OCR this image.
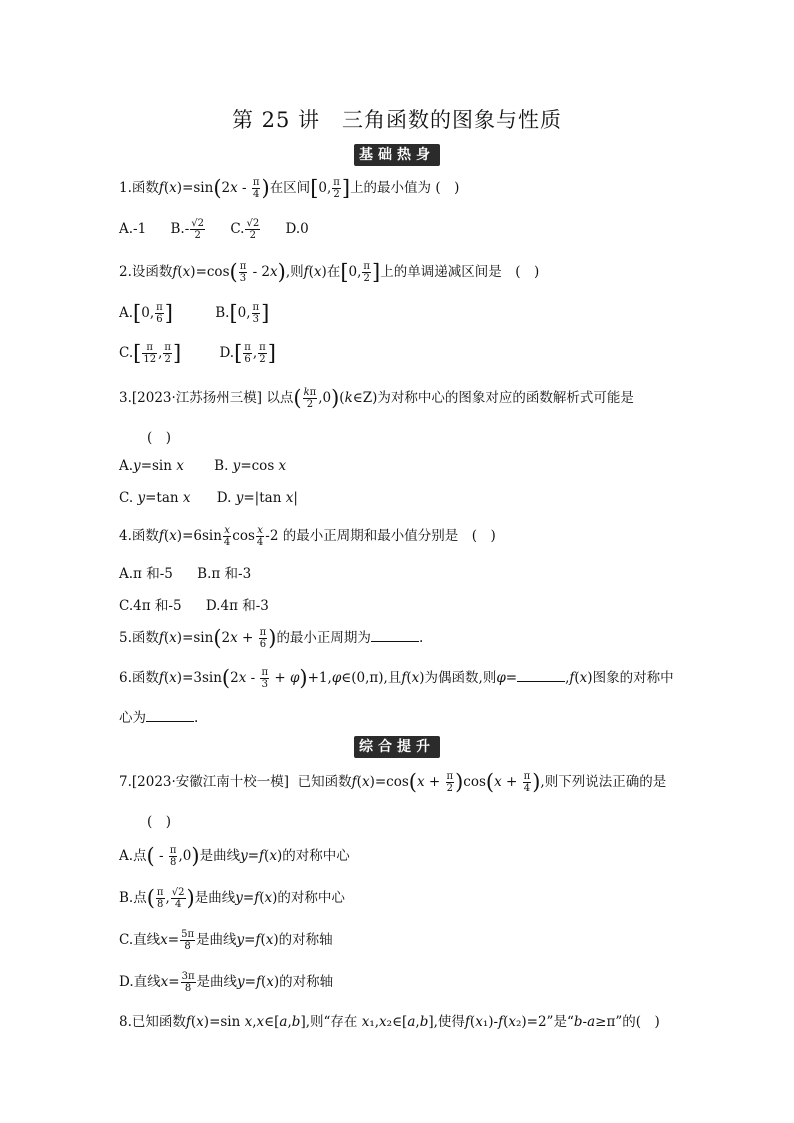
第 25 讲　三角函数的图象与性质
基础热身
1.函数$f(x)=\sin(2x - \frac{\pi}{4}$ )在区间[0, $\frac{\pi}{2}$ ]上的最小值为 (　)
A.-1 $B.- \frac{√2}{2} C$. $\frac{√2}{2} D.0$
2.设函数$f(x)=\cos( \frac{\pi}{3} - 2x)$,则f(x)在[0, $\frac{\pi}{2}$ ]上的单调递减区间是　(　)
A.[0, $\frac{\pi}{6}$ ]	B.[0, $\frac{\pi}{3}$ ]
$C.[ \frac{\pi}{12}$ , $\frac{\pi}{2}$ ]	$D.[ \frac{\pi}{6}$ , $\frac{\pi}{2}$ ]
3.[2023·江苏扬州三模] 以点( $\frac{k\pi}{2}$ ,0)(k∈Z)为对称中心的图象对应的函数解析式可能是
(　)
A.y=sin x B. y=cos x
C. y=tan x D. y=|tan x|
4.函数$f(x)=6\sin \frac{x}{4}$ $\cos \frac{x}{4} -2$ 的最小正周期和最小值分别是　(　)
A.π 和-5 B.π 和-3
C.4π 和-5 D.4π 和-3
5.函数$f(x)=\sin(2x + \frac{\pi}{6}$ )的最小正周期为	.
6.函数$f(x)=3\sin(2x - \frac{\pi}{3}$ + φ)+1,φ∈(0,π),且f(x)为偶函数,则φ=	,f(x)图象的对称中
心为	.
综合提升
7.[2023·安徽江南十校一模]  已知函数$f(x)=\cos(x + \frac{\pi}{2} )\cos(x + \frac{\pi}{4}$ ),则下列说法正确的是
(　)
A.点( - $\frac{\pi}{8} ,0$)是曲线y=f(x)的对称中心
B.点( $\frac{\pi}{8}$ , $\frac{√2}{4}$ )是曲线y=f(x)的对称中心
C.直线$x= \frac{5\pi}{8}$ 是曲线y=f(x)的对称轴
D.直线$x= \frac{3\pi}{8}$ 是曲线y=f(x)的对称轴
8.已知函数f(x)=sin x,x∈[a,b],则“存在 x₁,x₂∈[a,b],使得f(x₁)-f(x₂)=2”是“b-a≥π”的(　)
